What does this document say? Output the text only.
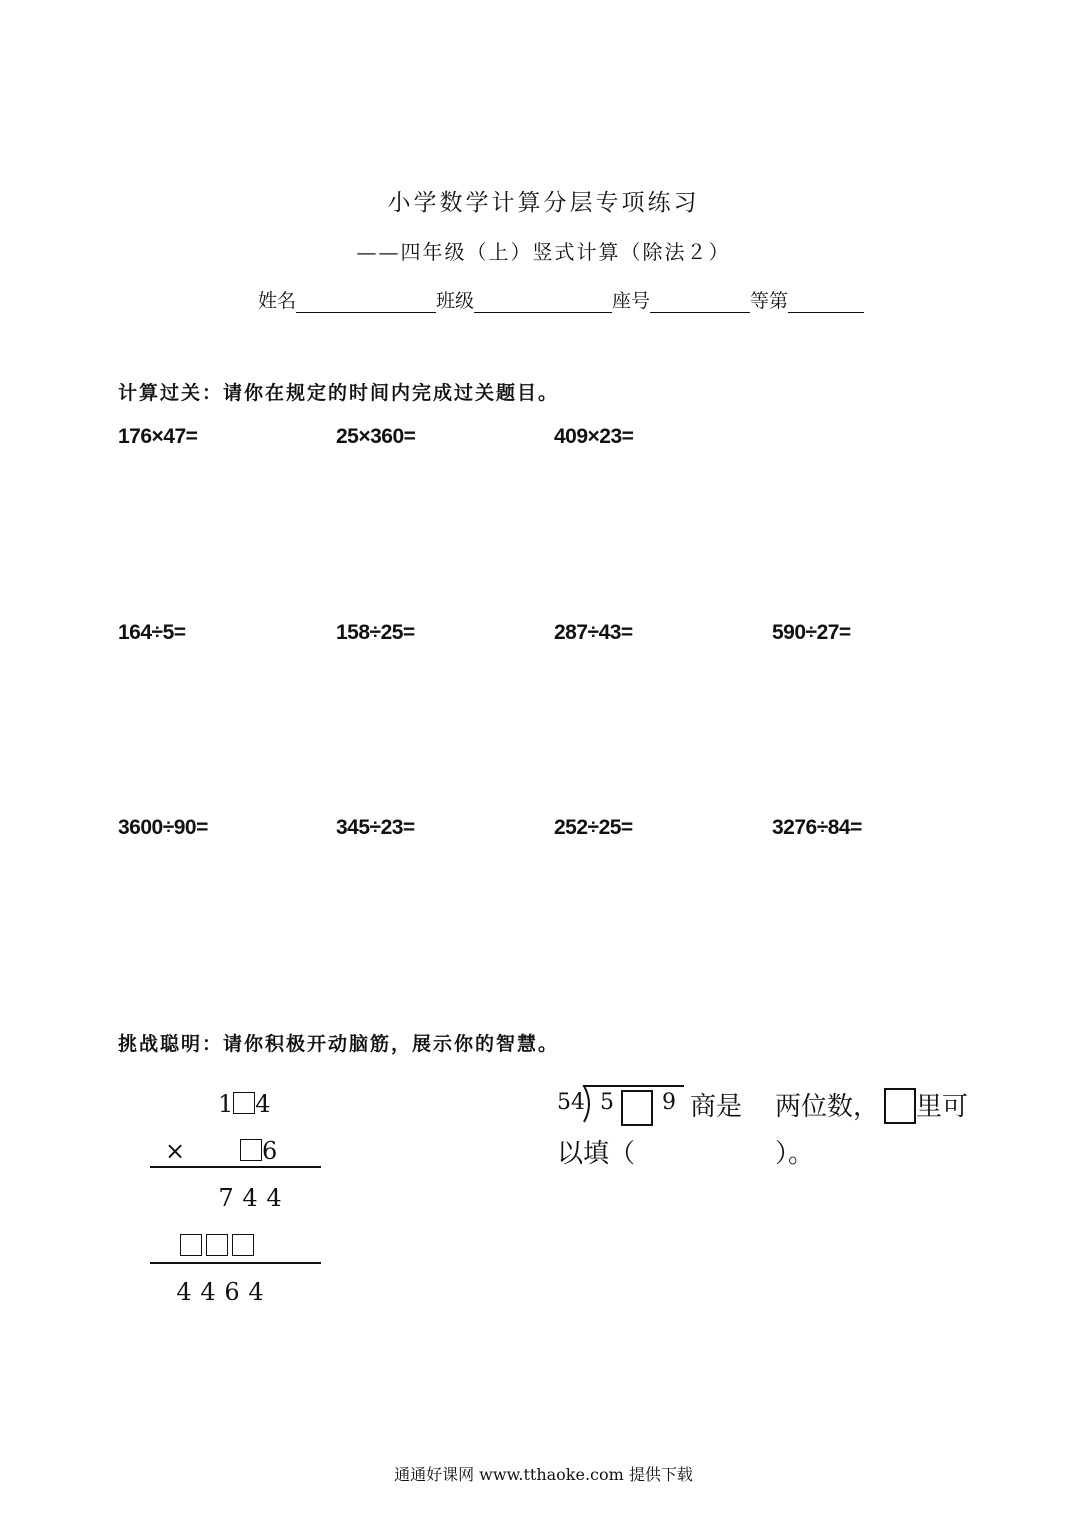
小学数学计算分层专项练习
——四年级（上）竖式计算（除法２）
姓名	班级	座号	等第
计算过关：请你在规定的时间内完成过关题目。
176×47=	25×360=	409×23=
164÷5=	158÷25=	287÷43=	590÷27=
3600÷90=	345÷23=	252÷25=	3276÷84=
挑战聪明：请你积极开动脑筋，展示你的智慧。
1 4
×	6
7 4 4
4 4 6 4
54 5 9 商是 两位数， 里可
以填（	）。
通通好课网 www.tthaoke.com 提供下载
